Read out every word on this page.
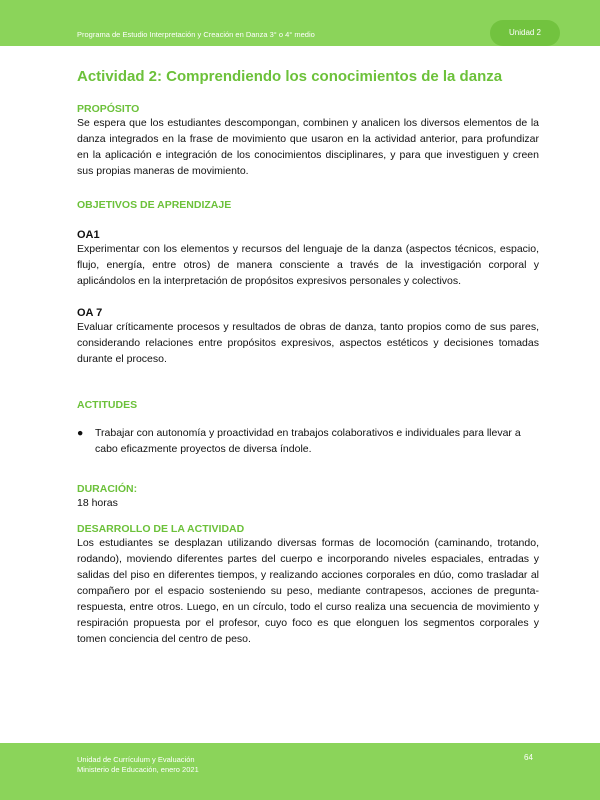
Programa de Estudio Interpretación y Creación en Danza 3° o 4° medio	Unidad 2
Actividad 2: Comprendiendo los conocimientos de la danza
PROPÓSITO

Se espera que los estudiantes descompongan, combinen y analicen los diversos elementos de la danza integrados en la frase de movimiento que usaron en la actividad anterior, para profundizar en la aplicación e integración de los conocimientos disciplinares, y para que investiguen y creen sus propias maneras de movimiento.

OBJETIVOS DE APRENDIZAJE
OA1

Experimentar con los elementos y recursos del lenguaje de la danza (aspectos técnicos, espacio, flujo, energía, entre otros) de manera consciente a través de la investigación corporal y aplicándolos en la interpretación de propósitos expresivos personales y colectivos.

OA 7

Evaluar críticamente procesos y resultados de obras de danza, tanto propios como de sus pares, considerando relaciones entre propósitos expresivos, aspectos estéticos y decisiones tomadas durante el proceso.

ACTITUDES
●	Trabajar con autonomía y proactividad en trabajos colaborativos e individuales para llevar a cabo eficazmente proyectos de diversa índole.
DURACIÓN:

18 horas

DESARROLLO DE LA ACTIVIDAD

Los estudiantes se desplazan utilizando diversas formas de locomoción (caminando, trotando, rodando), moviendo diferentes partes del cuerpo e incorporando niveles espaciales, entradas y salidas del piso en diferentes tiempos, y realizando acciones corporales en dúo, como trasladar al compañero por el espacio sosteniendo su peso, mediante contrapesos, acciones de pregunta-respuesta, entre otros. Luego, en un círculo, todo el curso realiza una secuencia de movimiento y respiración propuesta por el profesor, cuyo foco es que elonguen los segmentos corporales y tomen conciencia del centro de peso.

Unidad de Currículum y Evaluación
Ministerio de Educación, enero 2021
64
